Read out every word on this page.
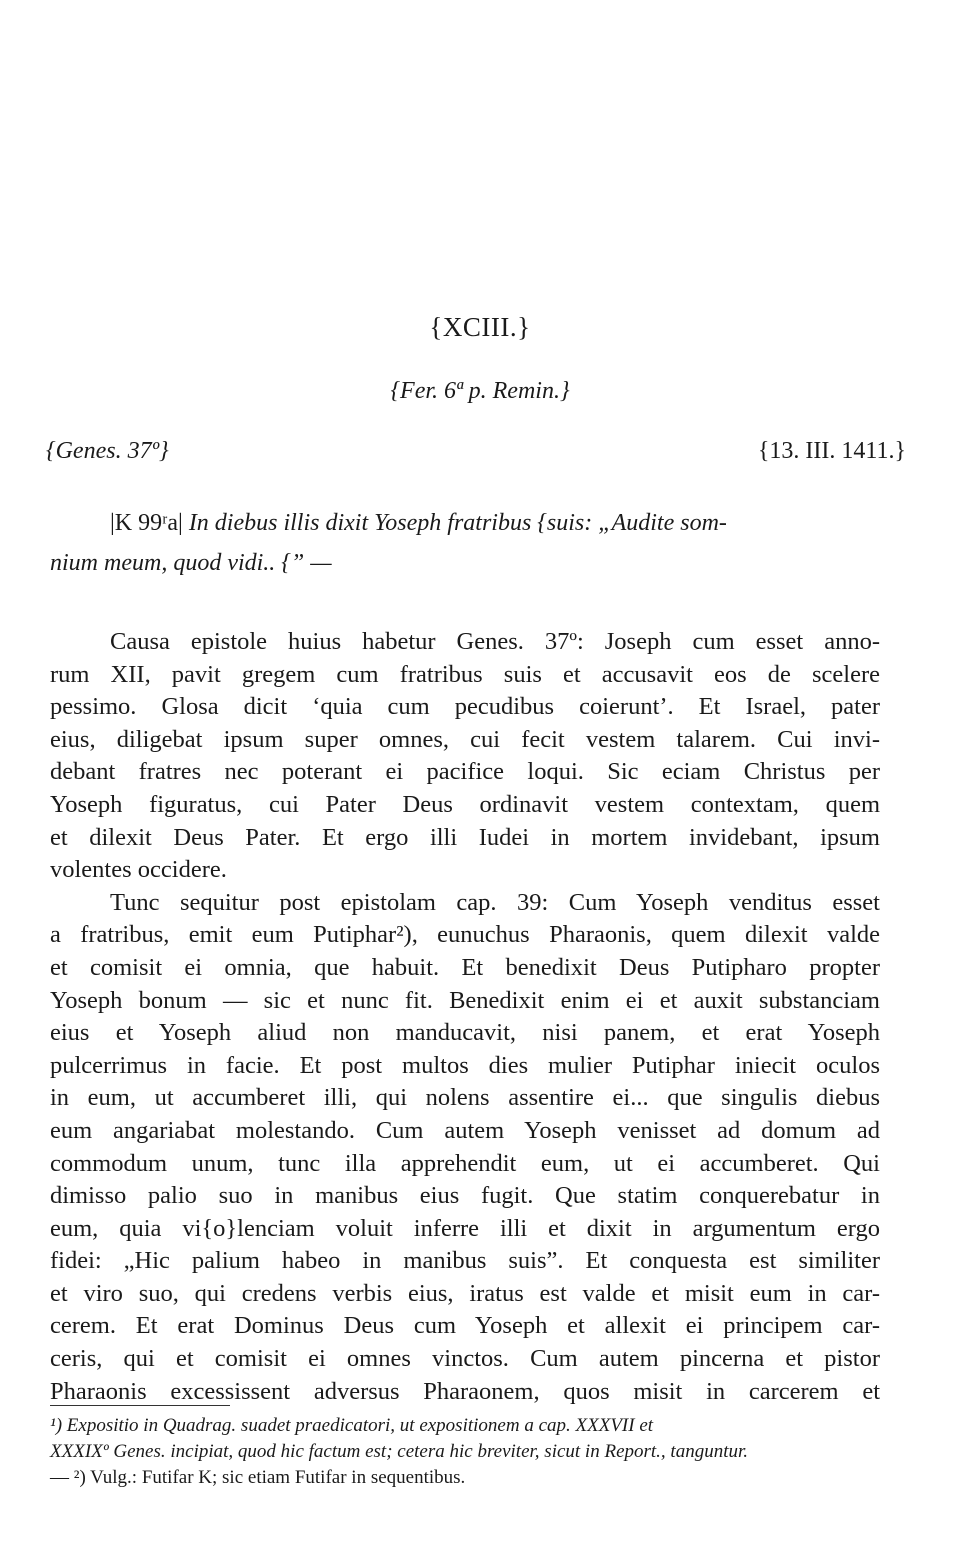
{XCIII.}
{Fer. 6ª p. Remin.}
{Genes. 37º}	{13. III. 1411.}

|K 99ʳa| In diebus illis dixit Yoseph fratribus {suis: „Audite som-

nium meum, quod vidi.. {” —

Causa epistole huius habetur Genes. 37º: Joseph cum esset anno-
rum XII, pavit gregem cum fratribus suis et accusavit eos de scelere
pessimo. Glosa dicit ‘quia cum pecudibus coierunt’. Et Israel, pater
eius, diligebat ipsum super omnes, cui fecit vestem talarem. Cui invi-
debant fratres nec poterant ei pacifice loqui. Sic eciam Christus per
Yoseph figuratus, cui Pater Deus ordinavit vestem contextam, quem
et dilexit Deus Pater. Et ergo illi Iudei in mortem invidebant, ipsum
volentes occidere.
Tunc sequitur post epistolam cap. 39: Cum Yoseph venditus esset
a fratribus, emit eum Putiphar²), eunuchus Pharaonis, quem dilexit valde
et comisit ei omnia, que habuit. Et benedixit Deus Putipharo propter
Yoseph bonum — sic et nunc fit. Benedixit enim ei et auxit substanciam
eius et Yoseph aliud non manducavit, nisi panem, et erat Yoseph
pulcerrimus in facie. Et post multos dies mulier Putiphar iniecit oculos
in eum, ut accumberet illi, qui nolens assentire ei... que singulis diebus
eum angariabat molestando. Cum autem Yoseph venisset ad domum ad
commodum unum, tunc illa apprehendit eum, ut ei accumberet. Qui
dimisso palio suo in manibus eius fugit. Que statim conquerebatur in
eum, quia vi{o}lenciam voluit inferre illi et dixit in argumentum ergo
fidei: „Hic palium habeo in manibus suis”. Et conquesta est similiter
et viro suo, qui credens verbis eius, iratus est valde et misit eum in car-
cerem. Et erat Dominus Deus cum Yoseph et allexit ei principem car-
ceris, qui et comisit ei omnes vinctos. Cum autem pincerna et pistor
Pharaonis excessissent adversus Pharaonem, quos misit in carcerem et
¹) Expositio in Quadrag. suadet praedicatori, ut expositionem a cap. XXXVII et
XXXIXº Genes. incipiat, quod hic factum est; cetera hic breviter, sicut in Report., tanguntur.
— ²) Vulg.: Futifar K; sic etiam Futifar in sequentibus.
